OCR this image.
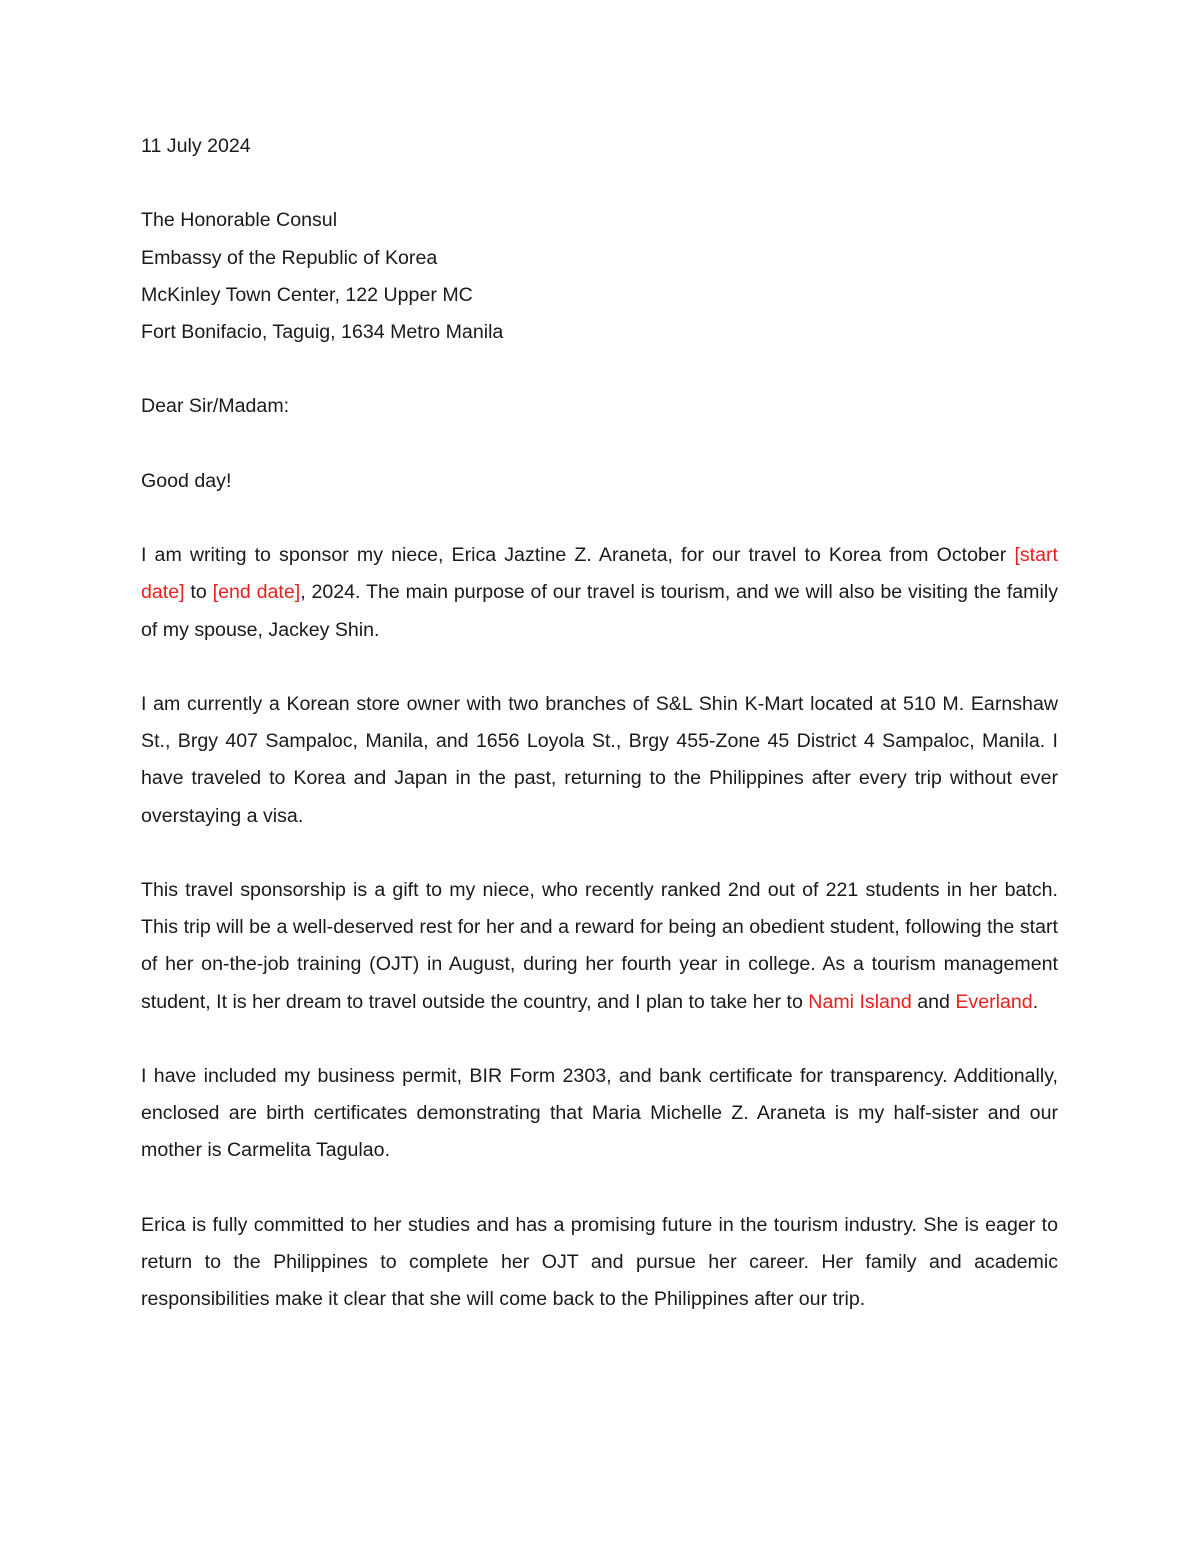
11 July 2024

The Honorable Consul

Embassy of the Republic of Korea

McKinley Town Center, 122 Upper MC

Fort Bonifacio, Taguig, 1634 Metro Manila

Dear Sir/Madam:

Good day!

I am writing to sponsor my niece, Erica Jaztine Z. Araneta, for our travel to Korea from October [start date] to [end date], 2024. The main purpose of our travel is tourism, and we will also be visiting the family of my spouse, Jackey Shin.

I am currently a Korean store owner with two branches of S&L Shin K-Mart located at 510 M. Earnshaw St., Brgy 407 Sampaloc, Manila, and 1656 Loyola St., Brgy 455-Zone 45 District 4 Sampaloc, Manila. I have traveled to Korea and Japan in the past, returning to the Philippines after every trip without ever overstaying a visa.

This travel sponsorship is a gift to my niece, who recently ranked 2nd out of 221 students in her batch. This trip will be a well-deserved rest for her and a reward for being an obedient student, following the start of her on-the-job training (OJT) in August, during her fourth year in college. As a tourism management student, It is her dream to travel outside the country, and I plan to take her to Nami Island and Everland.

I have included my business permit, BIR Form 2303, and bank certificate for transparency. Additionally, enclosed are birth certificates demonstrating that Maria Michelle Z. Araneta is my half-sister and our mother is Carmelita Tagulao.

Erica is fully committed to her studies and has a promising future in the tourism industry. She is eager to return to the Philippines to complete her OJT and pursue her career. Her family and academic responsibilities make it clear that she will come back to the Philippines after our trip.
